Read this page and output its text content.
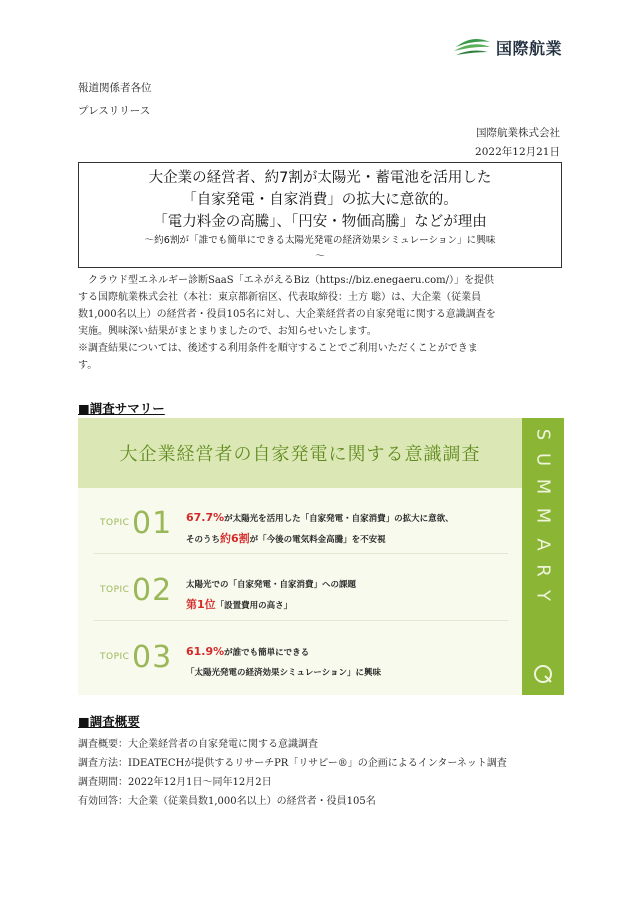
国際航業
報道関係者各位
プレスリリース
国際航業株式会社
2022年12月21日
大企業の経営者、約7割が太陽光・蓄電池を活用した
「自家発電・自家消費」の拡大に意欲的。
「電力料金の高騰」、「円安・物価高騰」などが理由
～約6割が「誰でも簡単にできる太陽光発電の経済効果シミュレーション」に興味
～

　クラウド型エネルギー診断SaaS「エネがえるBiz（https://biz.enegaeru.com/）」を提供

する国際航業株式会社（本社：東京都新宿区、代表取締役：土方 聡）は、大企業（従業員

数1,000名以上）の経営者・役員105名に対し、大企業経営者の自家発電に関する意識調査を

実施。興味深い結果がまとまりましたので、お知らせいたします。

※調査結果については、後述する利用条件を順守することでご利用いただくことができま

す。

■調査サマリー
大企業経営者の自家発電に関する意識調査
S
U
M
M
A
R
Y
TOPIC 01 67.7%が太陽光を活用した「自家発電・自家消費」の拡大に意欲、
そのうち約6割が「今後の電気料金高騰」を不安視
TOPIC 02 太陽光での「自家発電・自家消費」への課題
第1位「設置費用の高さ」
TOPIC 03 61.9%が誰でも簡単にできる
「太陽光発電の経済効果シミュレーション」に興味
■調査概要
調査概要：大企業経営者の自家発電に関する意識調査
調査方法：IDEATECHが提供するリサーチPR「リサピー®」の企画によるインターネット調査
調査期間：2022年12月1日～同年12月2日
有効回答：大企業（従業員数1,000名以上）の経営者・役員105名
